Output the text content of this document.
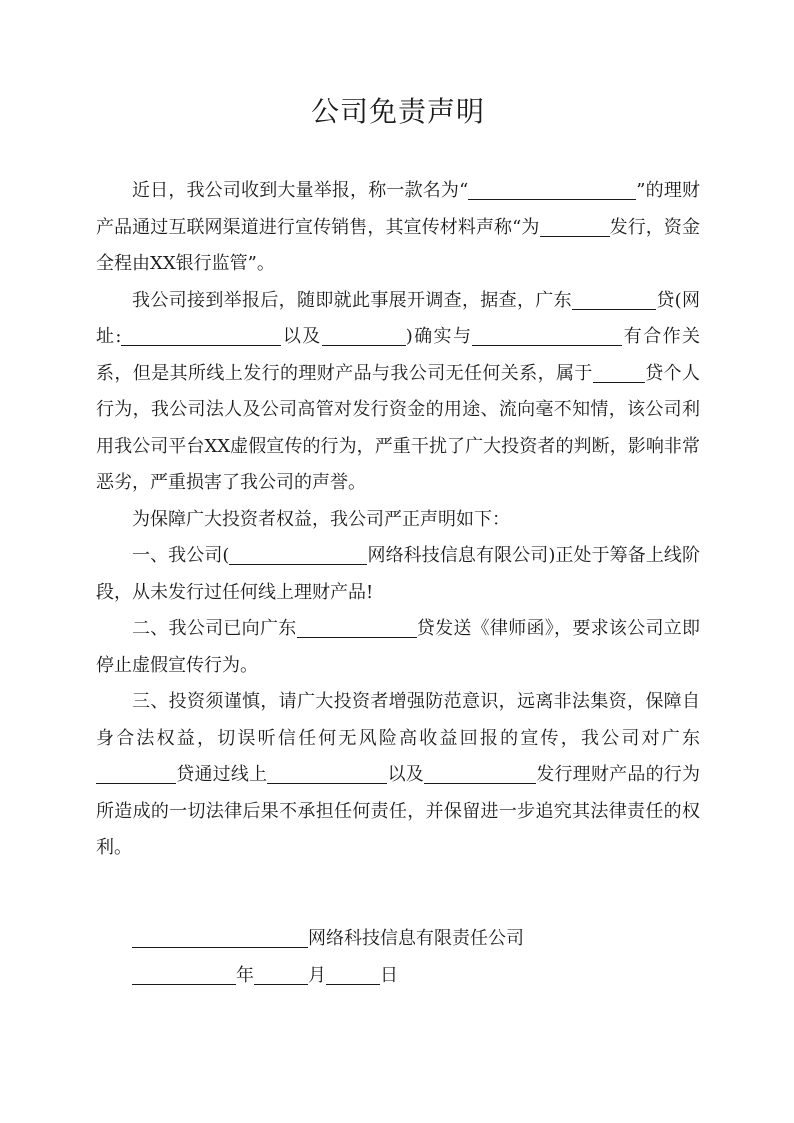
公司免责声明

近日，我公司收到大量举报，称一款名为“	”的理财产品通过互联网渠道进行宣传销售，其宣传材料声称“为	发行，资金全程由XX银行监管”。

我公司接到举报后，随即就此事展开调查，据查，广东	贷(网址:	以及	)确实与	有合作关系，但是其所线上发行的理财产品与我公司无任何关系，属于	贷个人行为，我公司法人及公司高管对发行资金的用途、流向毫不知情，该公司利用我公司平台XX虚假宣传的行为，严重干扰了广大投资者的判断，影响非常恶劣，严重损害了我公司的声誉。

为保障广大投资者权益，我公司严正声明如下：

一、我公司(	网络科技信息有限公司)正处于筹备上线阶段，从未发行过任何线上理财产品!

二、我公司已向广东	贷发送《律师函》，要求该公司立即停止虚假宣传行为。

三、投资须谨慎，请广大投资者增强防范意识，远离非法集资，保障自身合法权益，切误听信任何无风险高收益回报的宣传，我公司对广东贷通过线上	以及	发行理财产品的行为所造成的一切法律后果不承担任何责任，并保留进一步追究其法律责任的权利。

网络科技信息有限责任公司
年	月	日
